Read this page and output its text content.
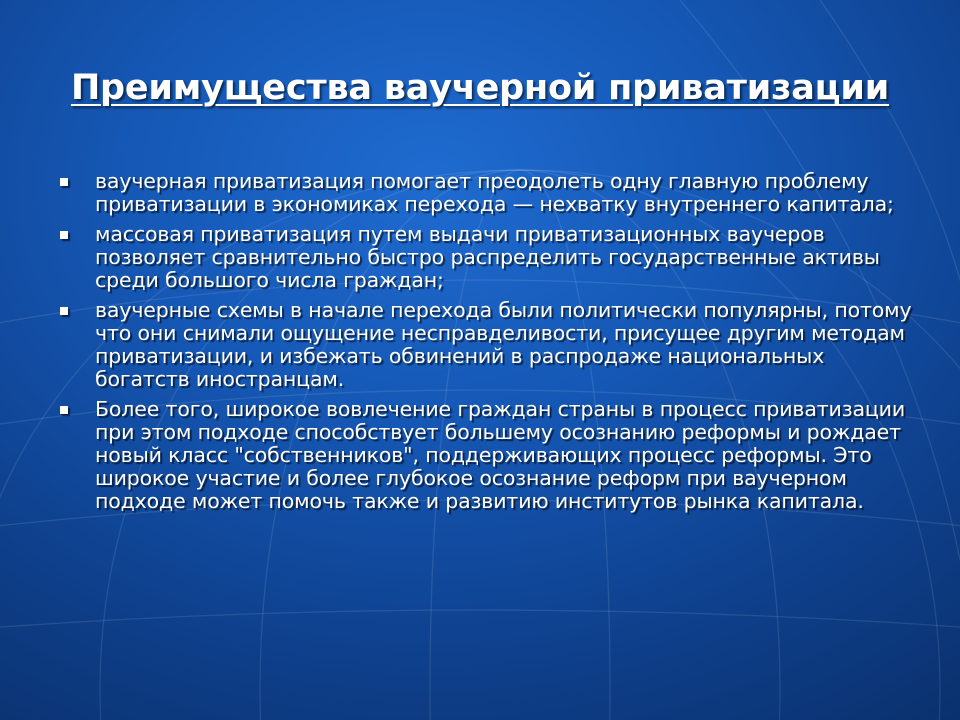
Преимущества ваучерной приватизации
ваучерная приватизация помогает преодолеть одну главную проблему приватизации в экономиках перехода — нехватку внутреннего капитала;
массовая приватизация путем выдачи приватизационных ваучеров позволяет сравнительно быстро распределить государственные активы среди большого числа граждан;
ваучерные схемы в начале перехода были политически популярны, потому что они снимали ощущение несправделивости, присущее другим методам приватизации, и избежать обвинений в распродаже национальных богатств иностранцам.
Более того, широкое вовлечение граждан страны в процесс приватизации при этом подходе способствует большему осознанию реформы и рождает новый класс "собственников", поддерживающих процесс реформы. Это широкое участие и более глубокое осознание реформ при ваучерном подходе может помочь также и развитию институтов рынка капитала.
